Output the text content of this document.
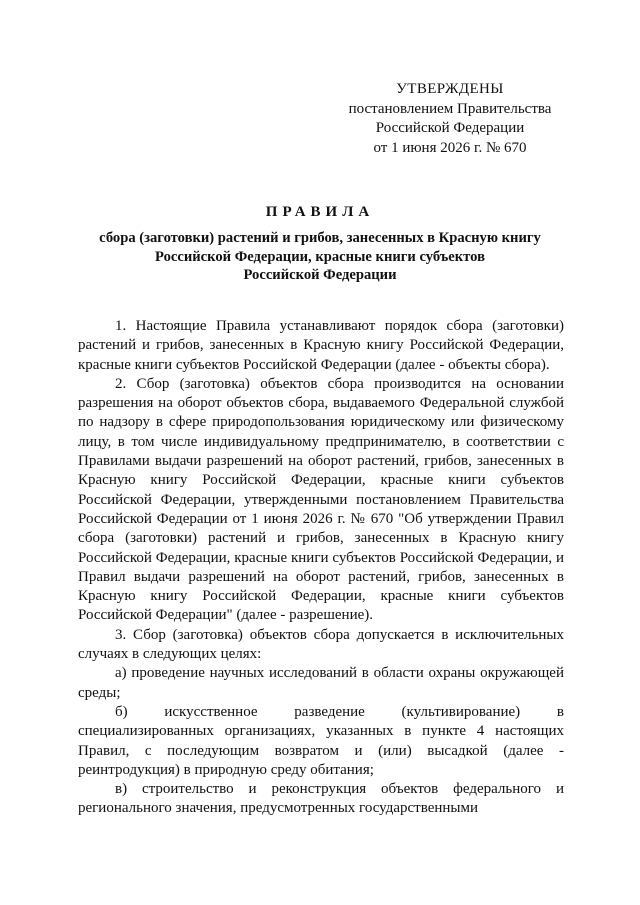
УТВЕРЖДЕНЫ
постановлением Правительства
Российской Федерации
от 1 июня 2026 г. № 670
ПРАВИЛА
сбора (заготовки) растений и грибов, занесенных в Красную книгу
Российской Федерации, красные книги субъектов
Российской Федерации

1. Настоящие Правила устанавливают порядок сбора (заготовки) растений и грибов, занесенных в Красную книгу Российской Федерации, красные книги субъектов Российской Федерации (далее - объекты сбора).

2. Сбор (заготовка) объектов сбора производится на основании разрешения на оборот объектов сбора, выдаваемого Федеральной службой по надзору в сфере природопользования юридическому или физическому лицу, в том числе индивидуальному предпринимателю, в соответствии с Правилами выдачи разрешений на оборот растений, грибов, занесенных в Красную книгу Российской Федерации, красные книги субъектов Российской Федерации, утвержденными постановлением Правительства Российской Федерации от 1 июня 2026 г. № 670 "Об утверждении Правил сбора (заготовки) растений и грибов, занесенных в Красную книгу Российской Федерации, красные книги субъектов Российской Федерации, и Правил выдачи разрешений на оборот растений, грибов, занесенных в Красную книгу Российской Федерации, красные книги субъектов Российской Федерации" (далее - разрешение).

3. Сбор (заготовка) объектов сбора допускается в исключительных случаях в следующих целях:

а) проведение научных исследований в области охраны окружающей среды;

б) искусственное разведение (культивирование) в специализированных организациях, указанных в пункте 4 настоящих Правил, с последующим возвратом и (или) высадкой (далее - реинтродукция) в природную среду обитания;

в) строительство и реконструкция объектов федерального и регионального значения, предусмотренных государственными
